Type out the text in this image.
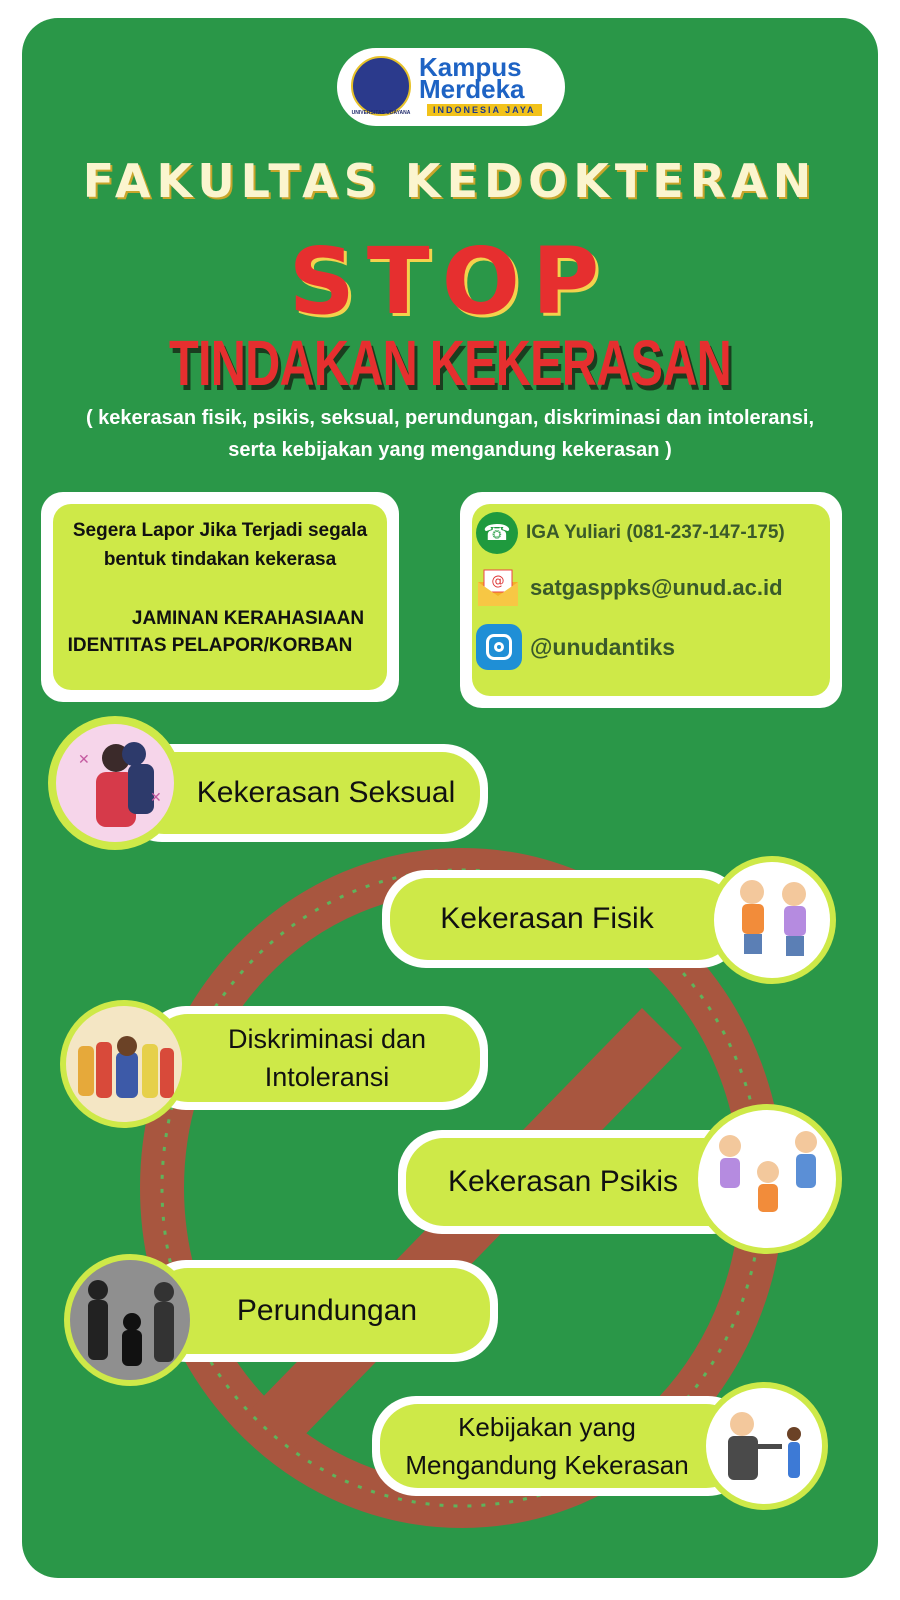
UNIVERSITAS UDAYANA
Kampus
Merdeka
INDONESIA JAYA
FAKULTAS KEDOKTERAN
STOP
TINDAKAN KEKERASAN
( kekerasan fisik, psikis, seksual, perundungan, diskriminasi dan intoleransi,
serta kebijakan yang mengandung kekerasan )
Segera Lapor Jika Terjadi segala
bentuk tindakan kekerasa
JAMINAN KERAHASIAAN
IDENTITAS PELAPOR/KORBAN
☎ IGA Yuliari (081-237-147-175)
@ satgasppks@unud.ac.id
@unudantiks
Kekerasan Seksual
✕
✕
Kekerasan Fisik
Diskriminasi dan
Intoleransi
Kekerasan Psikis
Perundungan
Kebijakan yang
Mengandung Kekerasan
